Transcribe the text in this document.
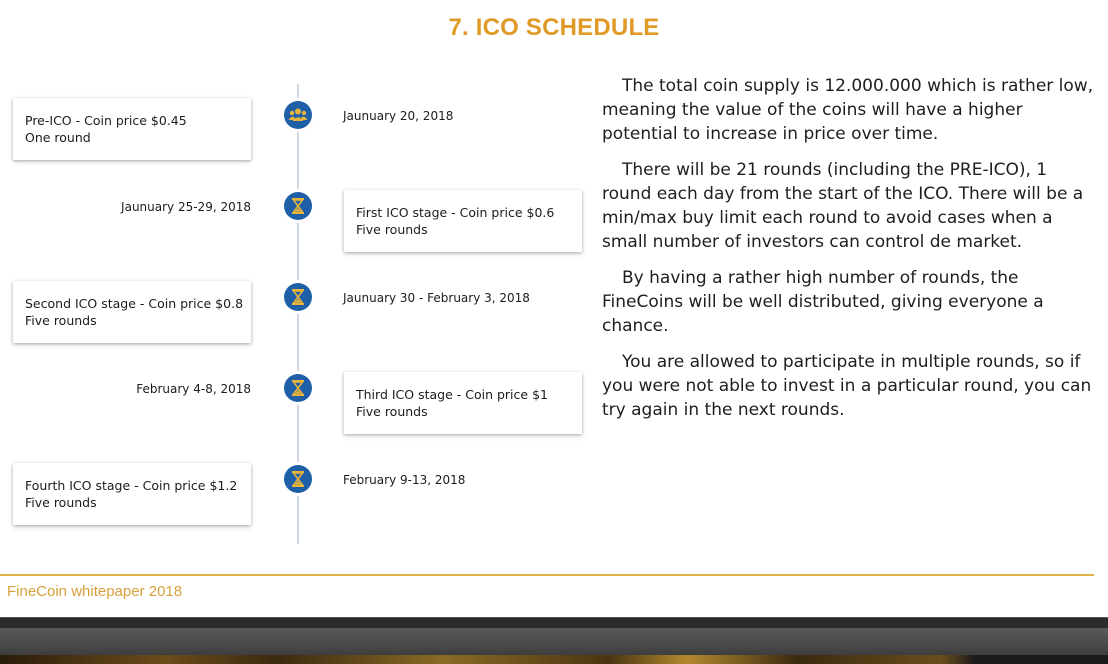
7. ICO SCHEDULE
Pre-ICO - Coin price $0.45
One round
Jaunuary 20, 2018
Jaunuary 25-29, 2018	First ICO stage - Coin price $0.6
Five rounds
Second ICO stage - Coin price $0.8
Five rounds
Jaunuary 30 - February 3, 2018
February 4-8, 2018	Third ICO stage - Coin price $1
Five rounds
Fourth ICO stage - Coin price $1.2
Five rounds
February 9-13, 2018

The total coin supply is 12.000.000 which is rather low, meaning the value of the coins will have a higher potential to increase in price over time.

There will be 21 rounds (including the PRE-ICO), 1 round each day from the start of the ICO. There will be a min/max buy limit each round to avoid cases when a small number of investors can control de market.

By having a rather high number of rounds, the FineCoins will be well distributed, giving everyone a chance.

You are allowed to participate in multiple rounds, so if you were not able to invest in a particular round, you can try again in the next rounds.

FineCoin whitepaper 2018
